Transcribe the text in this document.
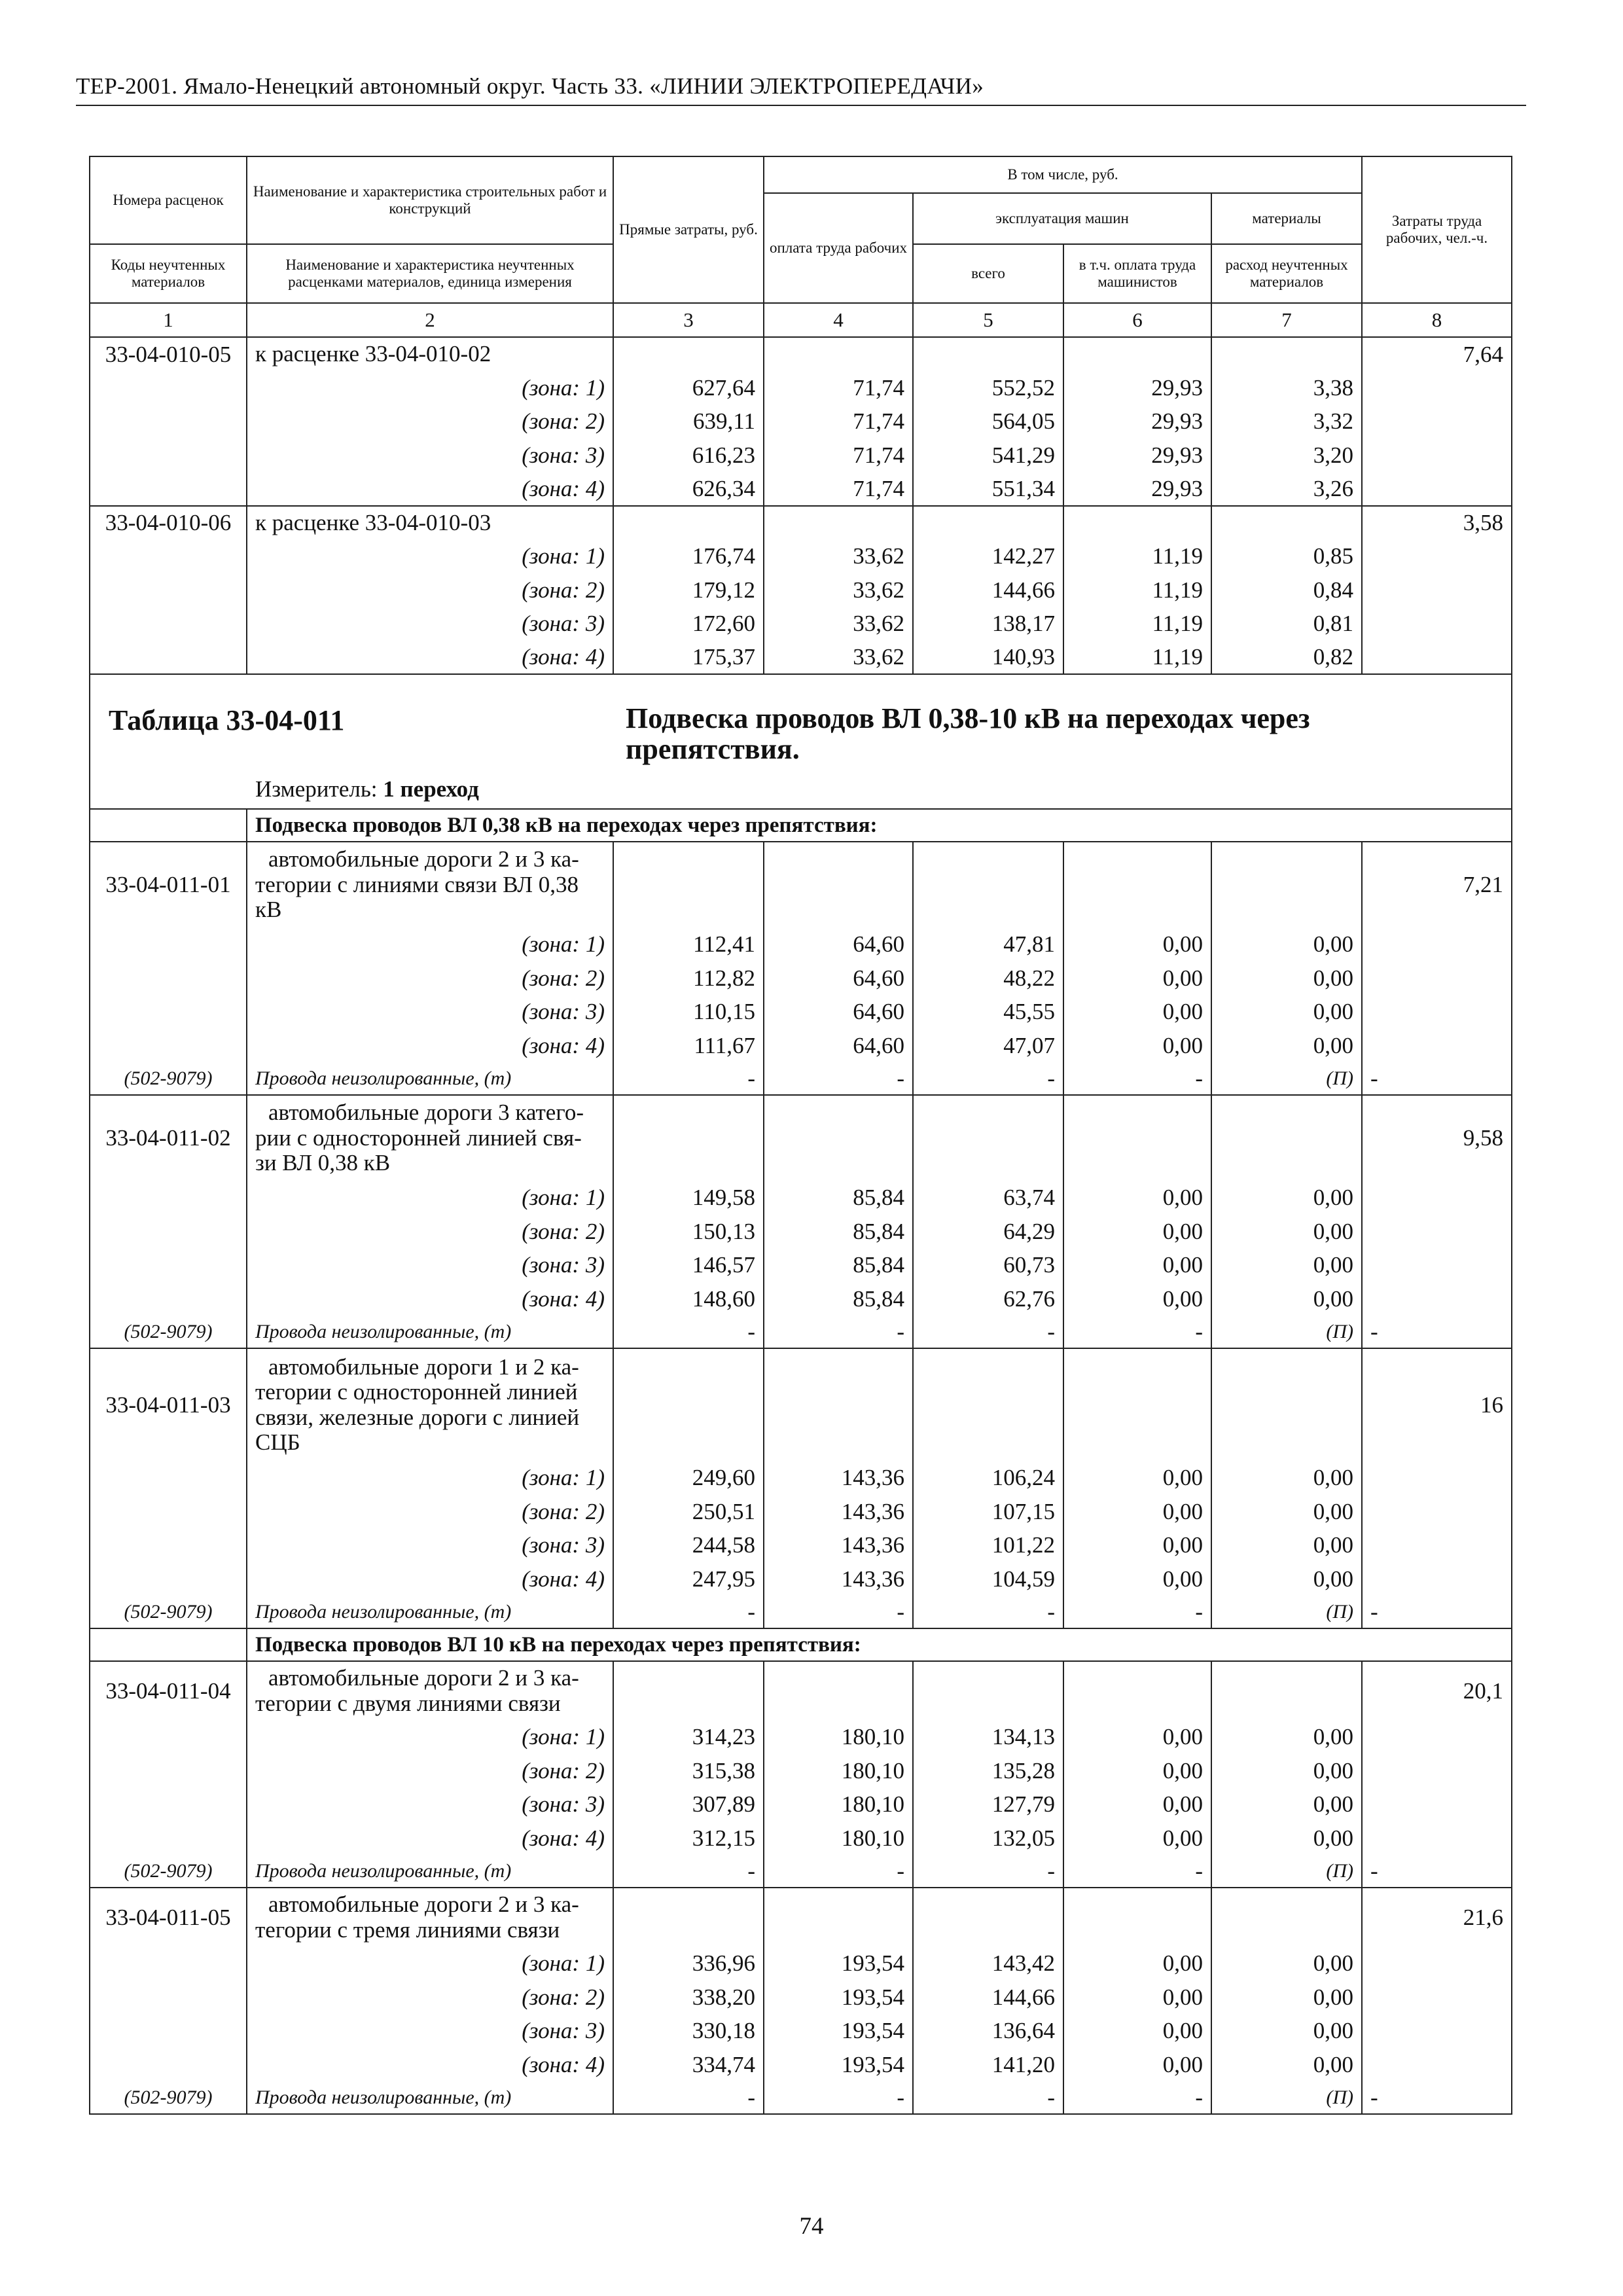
ТЕР-2001. Ямало-Ненецкий автономный округ. Часть 33. «ЛИНИИ ЭЛЕКТРОПЕРЕДАЧИ»
Номера расценок	Наименование и характеристика строительных работ и конструкций	Прямые затраты, руб.	В том числе, руб.				Затраты труда рабочих, чел.-ч.
			оплата труда рабочих	эксплуатация машин		материалы	
Коды неучтенных материалов	Наименование и характеристика неучтенных расценками материалов, единица измерения			всего	в т.ч. оплата труда машинистов	расход неучтенных материалов	

1	2	3	4	5	6	7	8
33-04-010-05	к расценке 33-04-010-02						7,64
	(зона: 1)	627,64	71,74	552,52	29,93	3,38	
	(зона: 2)	639,11	71,74	564,05	29,93	3,32	
	(зона: 3)	616,23	71,74	541,29	29,93	3,20	
	(зона: 4)	626,34	71,74	551,34	29,93	3,26	
33-04-010-06	к расценке 33-04-010-03						3,58
	(зона: 1)	176,74	33,62	142,27	11,19	0,85	
	(зона: 2)	179,12	33,62	144,66	11,19	0,84	
	(зона: 3)	172,60	33,62	138,17	11,19	0,81	
	(зона: 4)	175,37	33,62	140,93	11,19	0,82	

Таблица 33-04-011 Подвеска проводов ВЛ 0,38-10 кВ на переходах через препятствия.
Измеритель: 1 переход							

	Подвеска проводов ВЛ 0,38 кВ на переходах через препятствия:						
33-04-011-01	автомобильные дороги 2 и 3 ка-
тегории с линиями связи ВЛ 0,38
кВ						7,21
	(зона: 1)	112,41	64,60	47,81	0,00	0,00	
	(зона: 2)	112,82	64,60	48,22	0,00	0,00	
	(зона: 3)	110,15	64,60	45,55	0,00	0,00	
	(зона: 4)	111,67	64,60	47,07	0,00	0,00	
(502-9079)	Провода неизолированные, (т)	-	-	-	-	(П)	-
33-04-011-02	автомобильные дороги 3 катего-
рии с односторонней линией свя-
зи ВЛ 0,38 кВ						9,58
	(зона: 1)	149,58	85,84	63,74	0,00	0,00	
	(зона: 2)	150,13	85,84	64,29	0,00	0,00	
	(зона: 3)	146,57	85,84	60,73	0,00	0,00	
	(зона: 4)	148,60	85,84	62,76	0,00	0,00	
(502-9079)	Провода неизолированные, (т)	-	-	-	-	(П)	-
33-04-011-03	автомобильные дороги 1 и 2 ка-
тегории с односторонней линией
связи, железные дороги с линией
СЦБ						16
	(зона: 1)	249,60	143,36	106,24	0,00	0,00	
	(зона: 2)	250,51	143,36	107,15	0,00	0,00	
	(зона: 3)	244,58	143,36	101,22	0,00	0,00	
	(зона: 4)	247,95	143,36	104,59	0,00	0,00	
(502-9079)	Провода неизолированные, (т)	-	-	-	-	(П)	-
	Подвеска проводов ВЛ 10 кВ на переходах через препятствия:						
33-04-011-04	автомобильные дороги 2 и 3 ка-
тегории с двумя линиями связи						20,1
	(зона: 1)	314,23	180,10	134,13	0,00	0,00	
	(зона: 2)	315,38	180,10	135,28	0,00	0,00	
	(зона: 3)	307,89	180,10	127,79	0,00	0,00	
	(зона: 4)	312,15	180,10	132,05	0,00	0,00	
(502-9079)	Провода неизолированные, (т)	-	-	-	-	(П)	-
33-04-011-05	автомобильные дороги 2 и 3 ка-
тегории с тремя линиями связи						21,6
	(зона: 1)	336,96	193,54	143,42	0,00	0,00	
	(зона: 2)	338,20	193,54	144,66	0,00	0,00	
	(зона: 3)	330,18	193,54	136,64	0,00	0,00	
	(зона: 4)	334,74	193,54	141,20	0,00	0,00	
(502-9079)	Провода неизолированные, (т)	-	-	-	-	(П)	-
74
